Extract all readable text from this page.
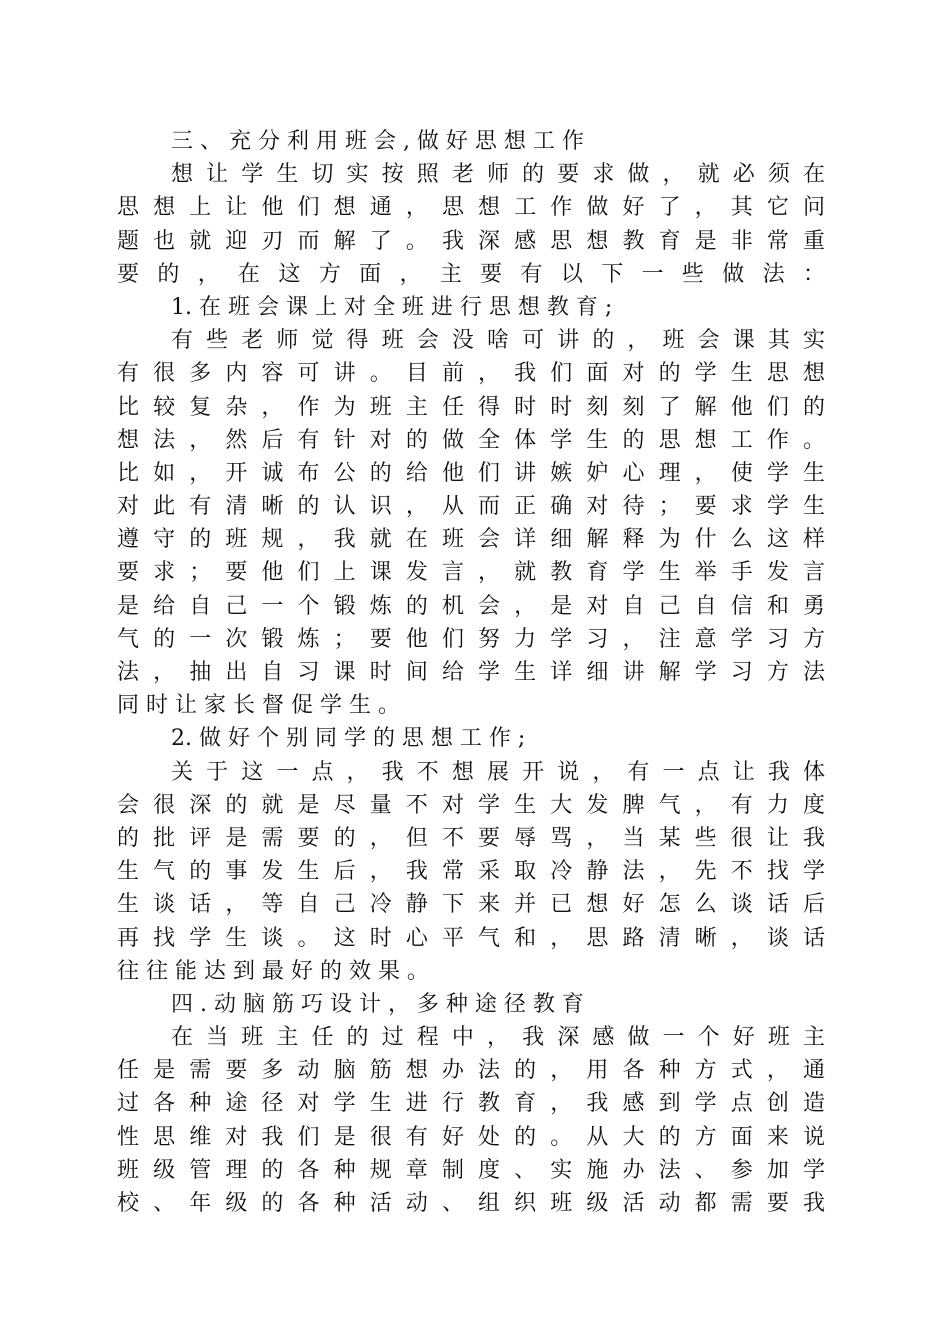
三 、 充 分 利 用 班 会 , 做 好 思 想 工 作
想让学生切实按照老师的要求做，就必须在
思想上让他们想通，思想工作做好了，其它问
题也就迎刃而解了。我深感思想教育是非常重
要的，在这方面，主要有以下一些做法：
1. 在 班 会 课 上 对 全 班 进 行 思 想 教 育 ;
有些老师觉得班会没啥可讲的，班会课其实
有很多内容可讲。目前，我们面对的学生思想
比较复杂，作为班主任得时时刻刻了解他们的
想法，然后有针对的做全体学生的思想工作。
比如，开诚布公的给他们讲嫉妒心理，使学生
对此有清晰的认识，从而正确对待；要求学生
遵守的班规，我就在班会详细解释为什么这样
要求；要他们上课发言，就教育学生举手发言
是给自己一个锻炼的机会，是对自己自信和勇
气的一次锻炼；要他们努力学习，注意学习方
法，抽出自习课时间给学生详细讲解学习方法
同 时 让 家 长 督 促 学 生 。
2. 做 好 个 别 同 学 的 思 想 工 作 ;
关于这一点，我不想展开说，有一点让我体
会很深的就是尽量不对学生大发脾气，有力度
的批评是需要的，但不要辱骂，当某些很让我
生气的事发生后，我常采取冷静法，先不找学
生谈话，等自己冷静下来并已想好怎么谈话后
再找学生谈。这时心平气和，思路清晰，谈话
往 往 能 达 到 最 好 的 效 果 。
四 . 动 脑 筋 巧 设 计 ， 多 种 途 径 教 育
在当班主任的过程中，我深感做一个好班主
任是需要多动脑筋想办法的，用各种方式，通
过各种途径对学生进行教育，我感到学点创造
性思维对我们是很有好处的。从大的方面来说
班级管理的各种规章制度、实施办法、参加学
校、年级的各种活动、组织班级活动都需要我
